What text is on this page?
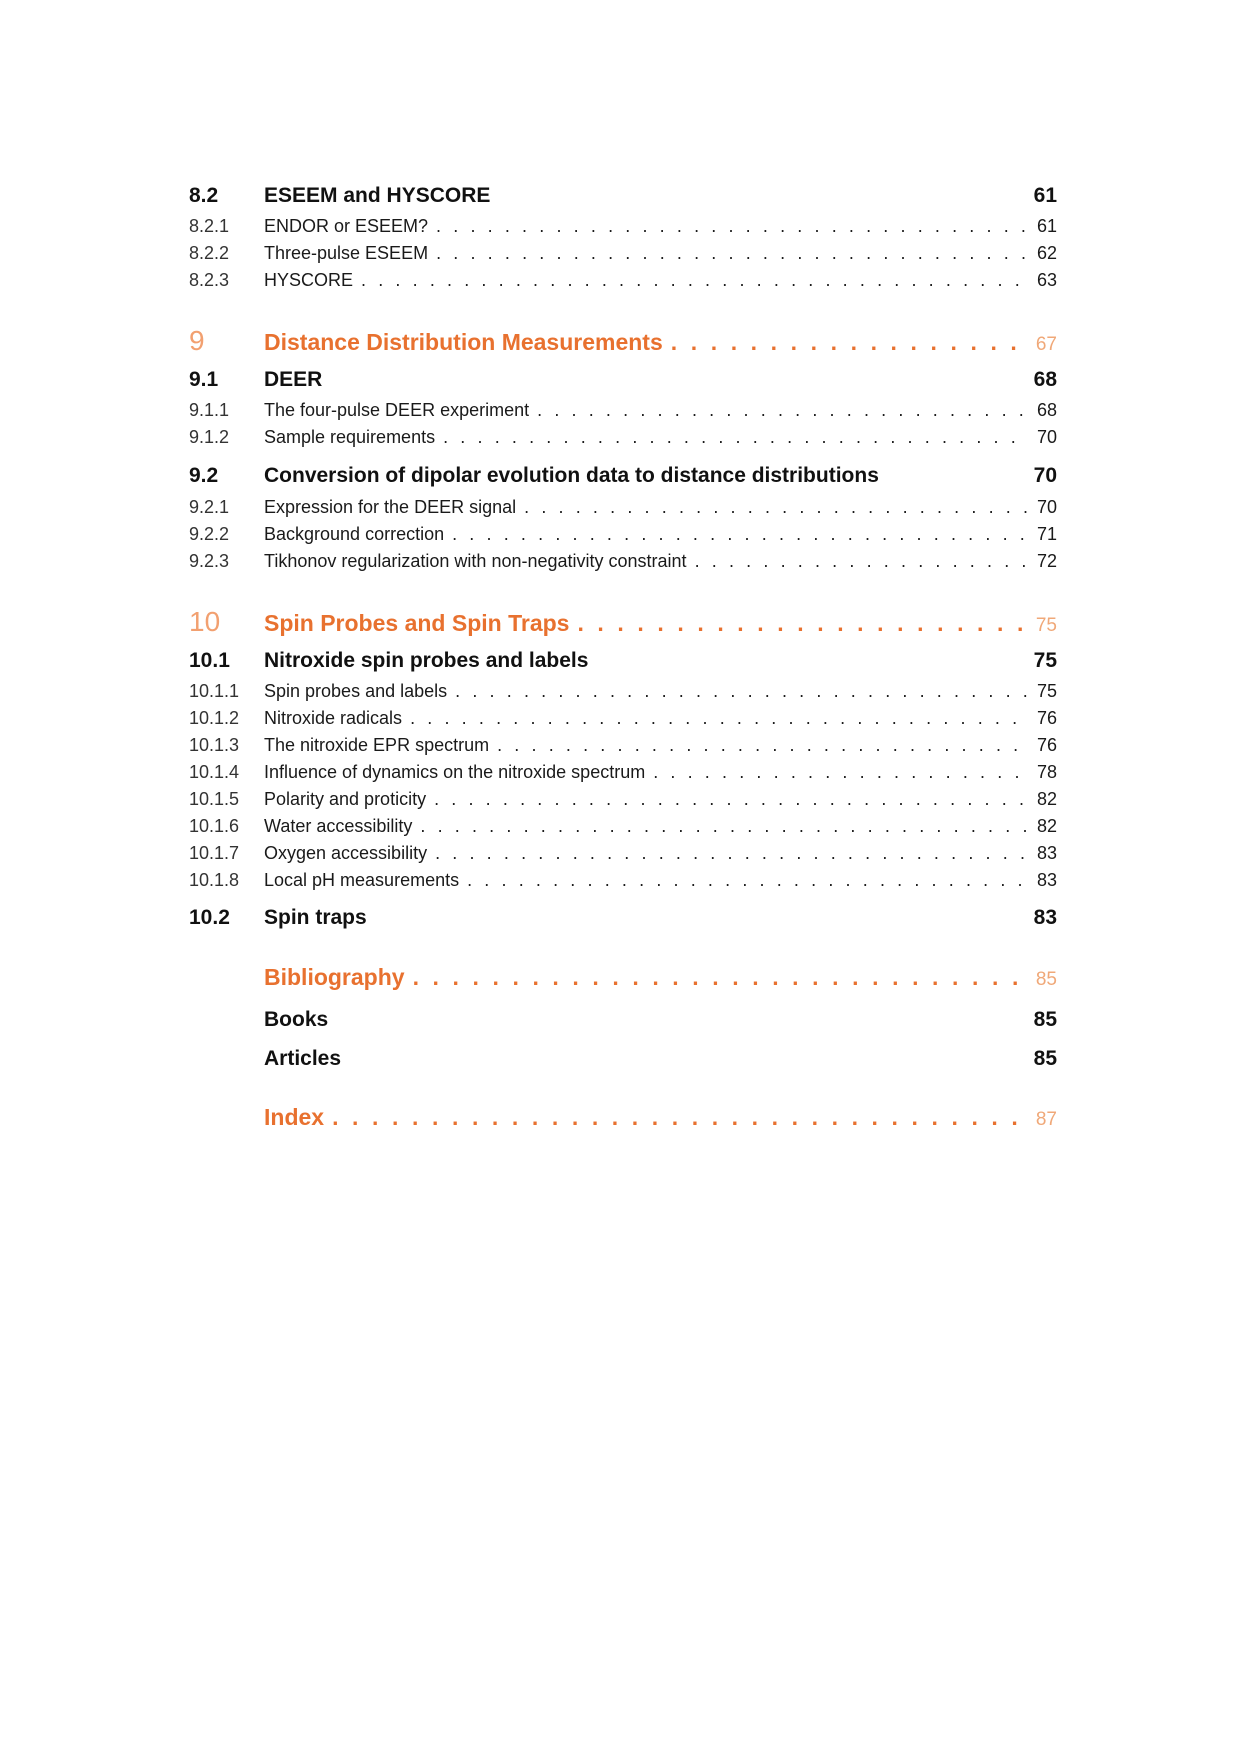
8.2	ESEEM and HYSCORE	61
8.2.1	ENDOR or ESEEM? . . .	61
8.2.2	Three-pulse ESEEM . . .	62
8.2.3	HYSCORE . . .	63
9	Distance Distribution Measurements . . .	67
9.1	DEER	68
9.1.1	The four-pulse DEER experiment . . .	68
9.1.2	Sample requirements . . .	70
9.2	Conversion of dipolar evolution data to distance distributions	70
9.2.1	Expression for the DEER signal . . .	70
9.2.2	Background correction . . .	71
9.2.3	Tikhonov regularization with non-negativity constraint . . .	72
10	Spin Probes and Spin Traps . . .	75
10.1	Nitroxide spin probes and labels	75
10.1.1	Spin probes and labels . . .	75
10.1.2	Nitroxide radicals . . .	76
10.1.3	The nitroxide EPR spectrum . . .	76
10.1.4	Influence of dynamics on the nitroxide spectrum . . .	78
10.1.5	Polarity and proticity . . .	82
10.1.6	Water accessibility . . .	82
10.1.7	Oxygen accessibility . . .	83
10.1.8	Local pH measurements . . .	83
10.2	Spin traps	83
Bibliography . . .	85
Books	85
Articles	85
Index . . .	87
